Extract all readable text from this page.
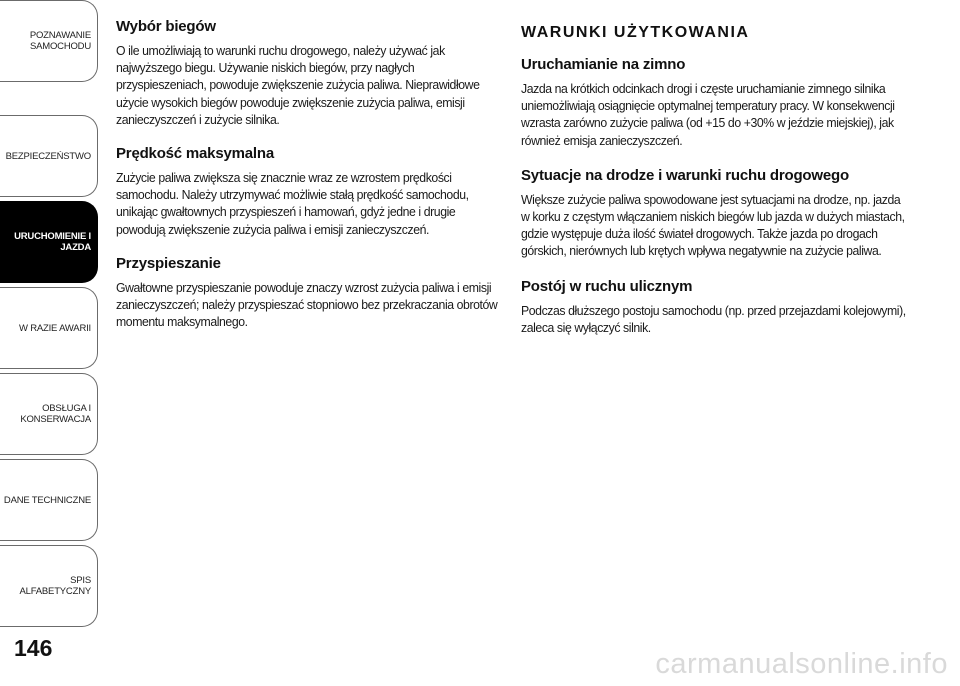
POZNAWANIE
SAMOCHODU
BEZPIECZEŃSTWO
URUCHOMIENIE I
JAZDA
W RAZIE AWARII
OBSŁUGA I
KONSERWACJA
DANE TECHNICZNE
SPIS ALFABETYCZNY
146
Wybór biegów

O ile umożliwiają to warunki ruchu drogowego, należy używać jak najwyższego biegu. Używanie niskich biegów, przy nagłych przyspieszeniach, powoduje zwiększenie zużycia paliwa. Nieprawidłowe użycie wysokich biegów powoduje zwiększenie zużycia paliwa, emisji zanieczyszczeń i zużycie silnika.

Prędkość maksymalna

Zużycie paliwa zwiększa się znacznie wraz ze wzrostem prędkości samochodu. Należy utrzymywać możliwie stałą prędkość samochodu, unikając gwałtownych przyspieszeń i hamowań, gdyż jedne i drugie powodują zwiększenie zużycia paliwa i emisji zanieczyszczeń.

Przyspieszanie

Gwałtowne przyspieszanie powoduje znaczy wzrost zużycia paliwa i emisji zanieczyszczeń; należy przyspieszać stopniowo bez przekraczania obrotów momentu maksymalnego.

WARUNKI UŻYTKOWANIA
Uruchamianie na zimno

Jazda na krótkich odcinkach drogi i częste uruchamianie zimnego silnika uniemożliwiają osiągnięcie optymalnej temperatury pracy. W konsekwencji wzrasta zarówno zużycie paliwa (od +15 do +30% w jeździe miejskiej), jak również emisja zanieczyszczeń.

Sytuacje na drodze i warunki ruchu drogowego

Większe zużycie paliwa spowodowane jest sytuacjami na drodze, np. jazda w korku z częstym włączaniem niskich biegów lub jazda w dużych miastach, gdzie występuje duża ilość świateł drogowych. Także jazda po drogach górskich, nierównych lub krętych wpływa negatywnie na zużycie paliwa.

Postój w ruchu ulicznym

Podczas dłuższego postoju samochodu (np. przed przejazdami kolejowymi), zaleca się wyłączyć silnik.

carmanualsonline.info
